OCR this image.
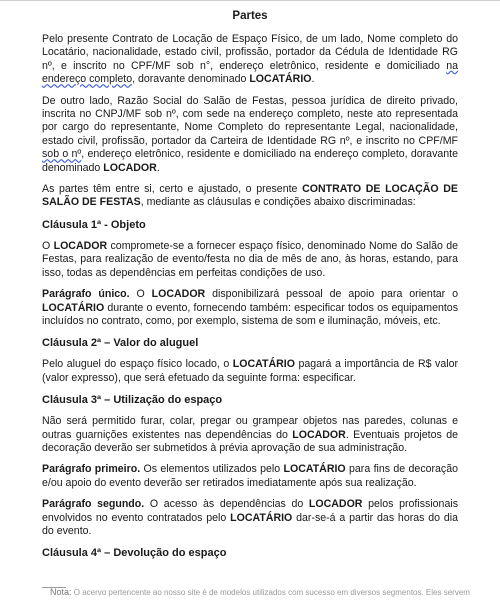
Partes

Pelo presente Contrato de Locação de Espaço Físico, de um lado, Nome completo do Locatário, nacionalidade, estado civil, profissão, portador da Cédula de Identidade RG nº, e inscrito no CPF/MF sob n°, endereço eletrônico, residente e domiciliado na endereço completo, doravante denominado LOCATÁRIO.

De outro lado, Razão Social do Salão de Festas, pessoa jurídica de direito privado, inscrita no CNPJ/MF sob nº, com sede na endereço completo, neste ato representada por cargo do representante, Nome Completo do representante Legal, nacionalidade, estado civil, profissão, portador da Carteira de Identidade RG nº, e inscrito no CPF/MF sob o nº, endereço eletrônico, residente e domiciliado na endereço completo, doravante denominado LOCADOR.

As partes têm entre si, certo e ajustado, o presente CONTRATO DE LOCAÇÃO DE SALÃO DE FESTAS, mediante as cláusulas e condições abaixo discriminadas:

Cláusula 1ª - Objeto

O LOCADOR compromete-se a fornecer espaço físico, denominado Nome do Salão de Festas, para realização de evento/festa no dia de mês de ano, às horas, estando, para isso, todas as dependências em perfeitas condições de uso.

Parágrafo único. O LOCADOR disponibilizará pessoal de apoio para orientar o LOCATÁRIO durante o evento, fornecendo também: especificar todos os equipamentos incluídos no contrato, como, por exemplo, sistema de som e iluminação, móveis, etc.

Cláusula 2ª – Valor do aluguel

Pelo aluguel do espaço físico locado, o LOCATÁRIO pagará a importância de R$ valor (valor expresso), que será efetuado da seguinte forma: especificar.

Cláusula 3ª – Utilização do espaço

Não será permitido furar, colar, pregar ou grampear objetos nas paredes, colunas e outras guarnições existentes nas dependências do LOCADOR. Eventuais projetos de decoração deverão ser submetidos à prévia aprovação de sua administração.

Parágrafo primeiro. Os elementos utilizados pelo LOCATÁRIO para fins de decoração e/ou apoio do evento deverão ser retirados imediatamente após sua realização.

Parágrafo segundo. O acesso às dependências do LOCADOR pelos profissionais envolvidos no evento contratados pelo LOCATÁRIO dar-se-á a partir das horas do dia do evento.

Cláusula 4ª – Devolução do espaço
Nota: O acervo pertencente ao nosso site é de modelos utilizados com sucesso em diversos segmentos. Eles servem
